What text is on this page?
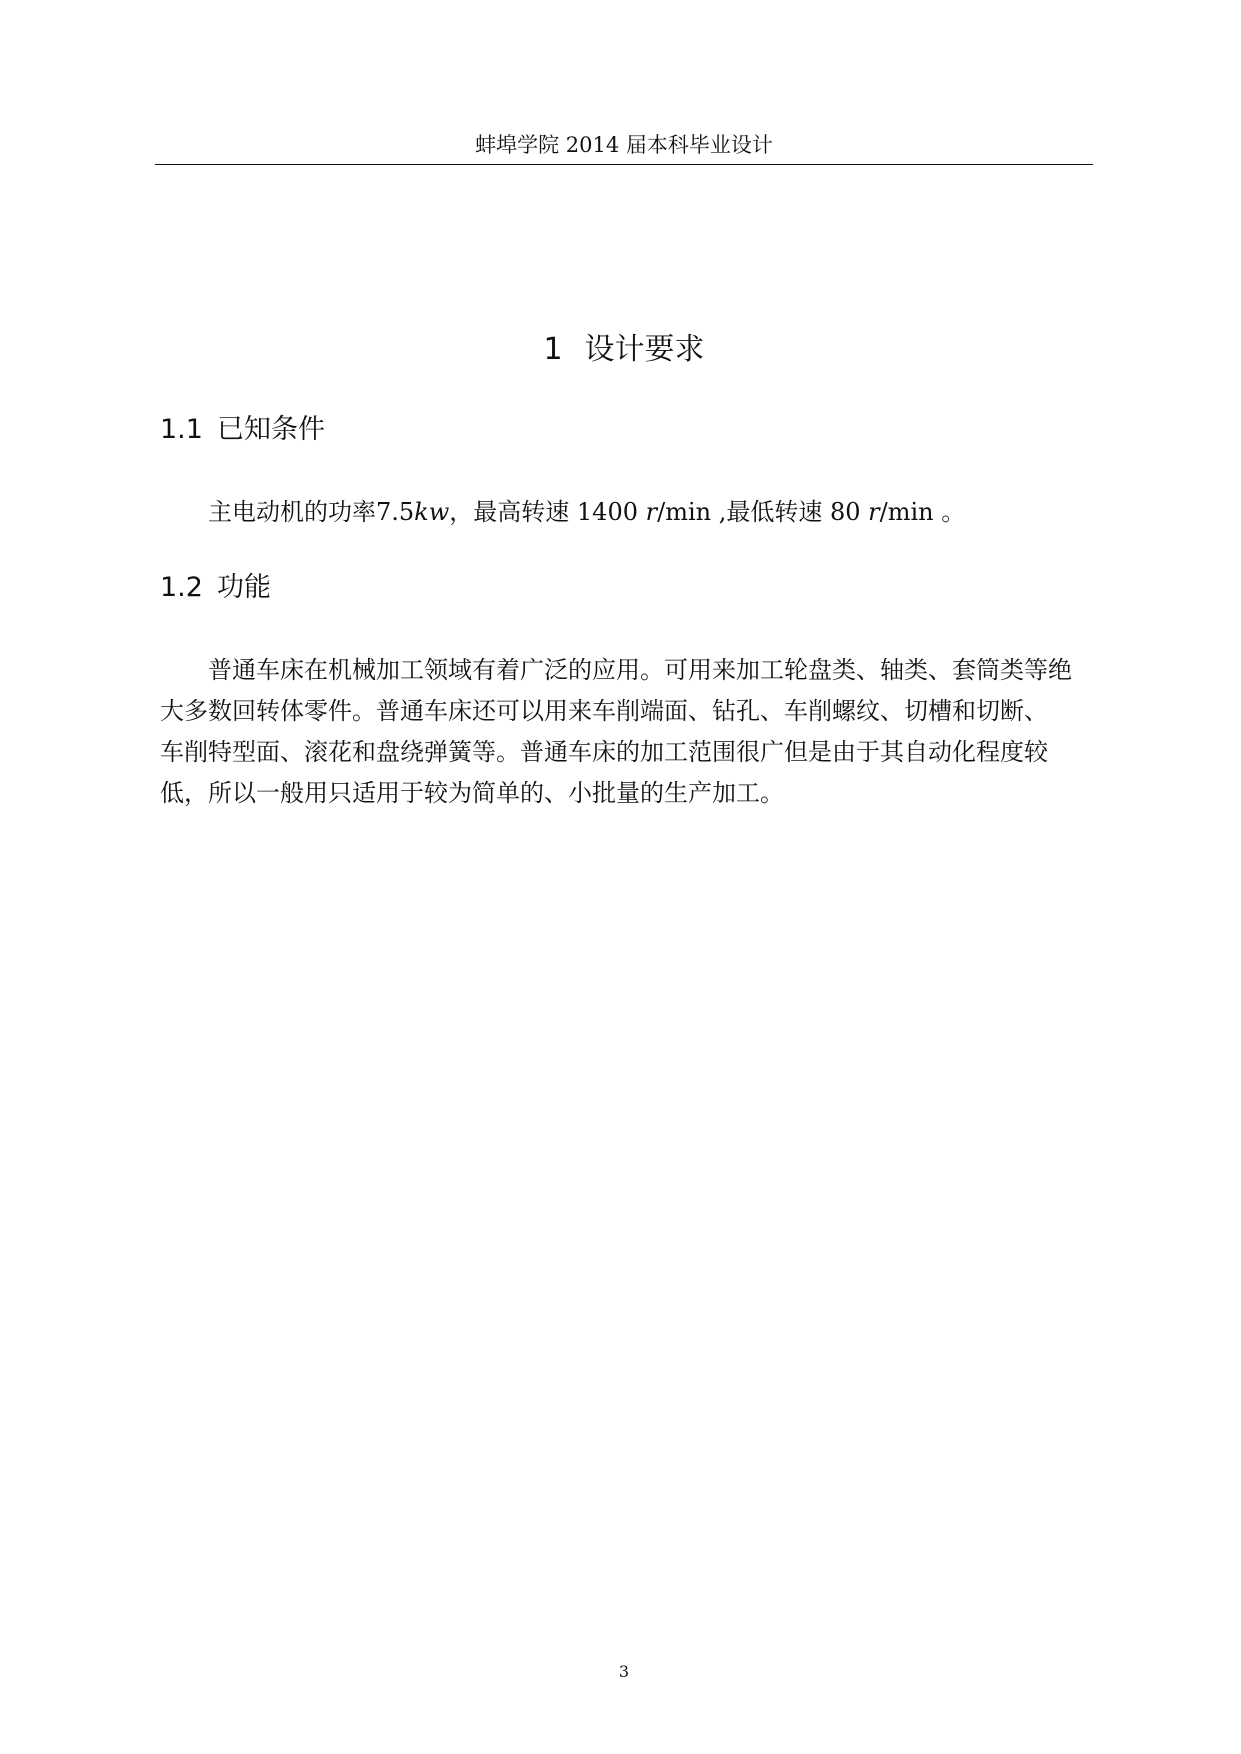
蚌埠学院 2014 届本科毕业设计
1 设计要求
1.1 已知条件
主电动机的功率7.5kw，最高转速 1400 r/min ,最低转速 80 r/min 。
1.2 功能
普通车床在机械加工领域有着广泛的应用。可用来加工轮盘类、轴类、套筒类等绝
大多数回转体零件。普通车床还可以用来车削端面、钻孔、车削螺纹、切槽和切断、
车削特型面、滚花和盘绕弹簧等。普通车床的加工范围很广但是由于其自动化程度较
低，所以一般用只适用于较为简单的、小批量的生产加工。
3
